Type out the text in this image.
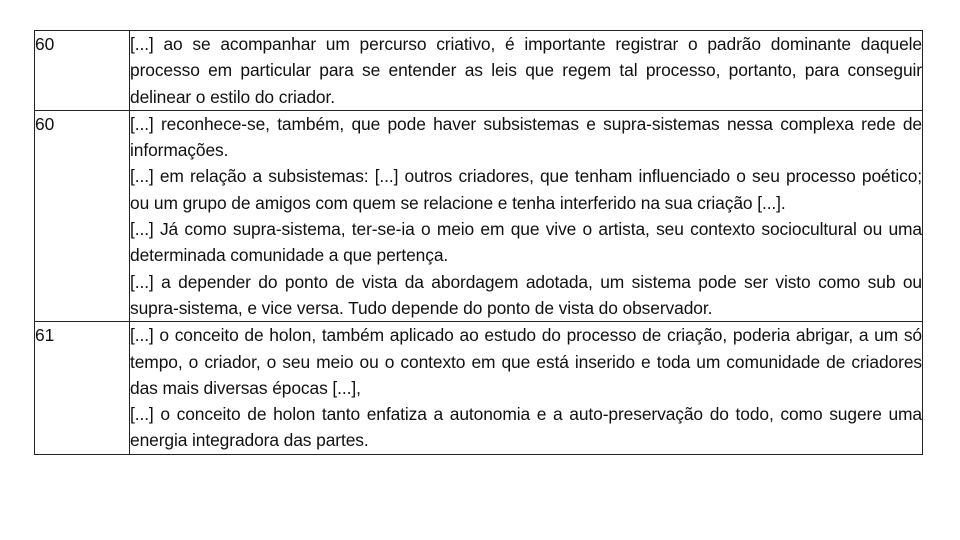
60	[...] ao se acompanhar um percurso criativo, é importante registrar o padrão dominante daquele processo em particular para se entender as leis que regem tal processo, portanto, para conseguir delinear o estilo do criador.

60	[...] reconhece-se, também, que pode haver subsistemas e supra-sistemas nessa complexa rede de informações.

[...] em relação a subsistemas: [...] outros criadores, que tenham influenciado o seu processo poético; ou um grupo de amigos com quem se relacione e tenha interferido na sua criação [...].

[...] Já como supra-sistema, ter-se-ia o meio em que vive o artista, seu contexto sociocultural ou uma determinada comunidade a que pertença.

[...] a depender do ponto de vista da abordagem adotada, um sistema pode ser visto como sub ou supra-sistema, e vice versa. Tudo depende do ponto de vista do observador.

61	[...] o conceito de holon, também aplicado ao estudo do processo de criação, poderia abrigar, a um só tempo, o criador, o seu meio ou o contexto em que está inserido e toda um comunidade de criadores das mais diversas épocas [...],

[...] o conceito de holon tanto enfatiza a autonomia e a auto-preservação do todo, como sugere uma energia integradora das partes.
